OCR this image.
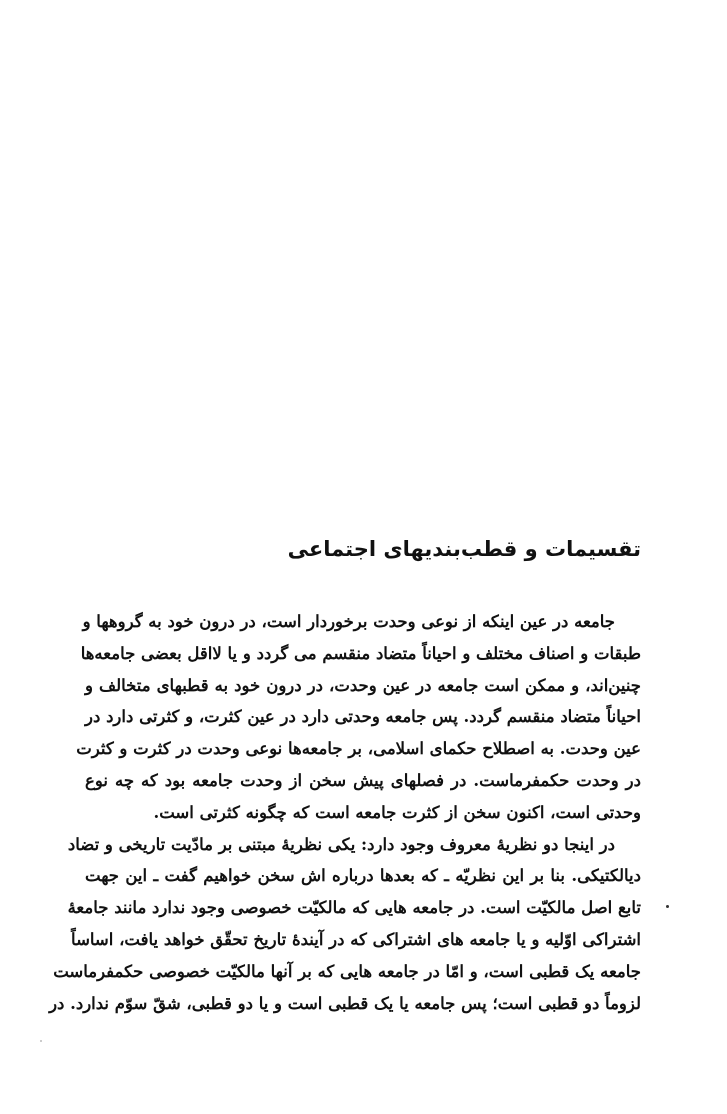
تقسیمات و قطب‌بندیهای اجتماعی
جامعه در عین اینکه از نوعی وحدت برخوردار است، در درون خود به گروهها و
طبقات و اصناف مختلف و احیاناً متضاد منقسم می گردد و یا لااقل بعضی جامعه‌ها
چنین‌اند، و ممکن است جامعه در عین وحدت، در درون خود به قطبهای متخالف و
احیاناً متضاد منقسم گردد. پس جامعه وحدتی دارد در عین کثرت، و کثرتی دارد در
عین وحدت. به اصطلاح حکمای اسلامی، بر جامعه‌ها نوعی وحدت در کثرت و کثرت
در وحدت حکمفرماست. در فصلهای پیش سخن از وحدت جامعه بود که چه نوع
وحدتی است، اکنون سخن از کثرت جامعه است که چگونه کثرتی است.
در اینجا دو نظریهٔ معروف وجود دارد: یکی نظریهٔ مبتنی بر مادّیت تاریخی و تضاد
دیالکتیکی. بنا بر این نظریّه ـ که بعدها درباره اش سخن خواهیم گفت ـ این جهت
تابع اصل مالکیّت است. در جامعه هایی که مالکیّت خصوصی وجود ندارد مانند جامعهٔ
اشتراکی اوّلیه و یا جامعه های اشتراکی که در آیندهٔ تاریخ تحقّق خواهد یافت، اساساً
جامعه یک قطبی است، و امّا در جامعه هایی که بر آنها مالکیّت خصوصی حکمفرماست
لزوماً دو قطبی است؛ پس جامعه یا یک قطبی است و یا دو قطبی، شقّ سوّم ندارد. در
